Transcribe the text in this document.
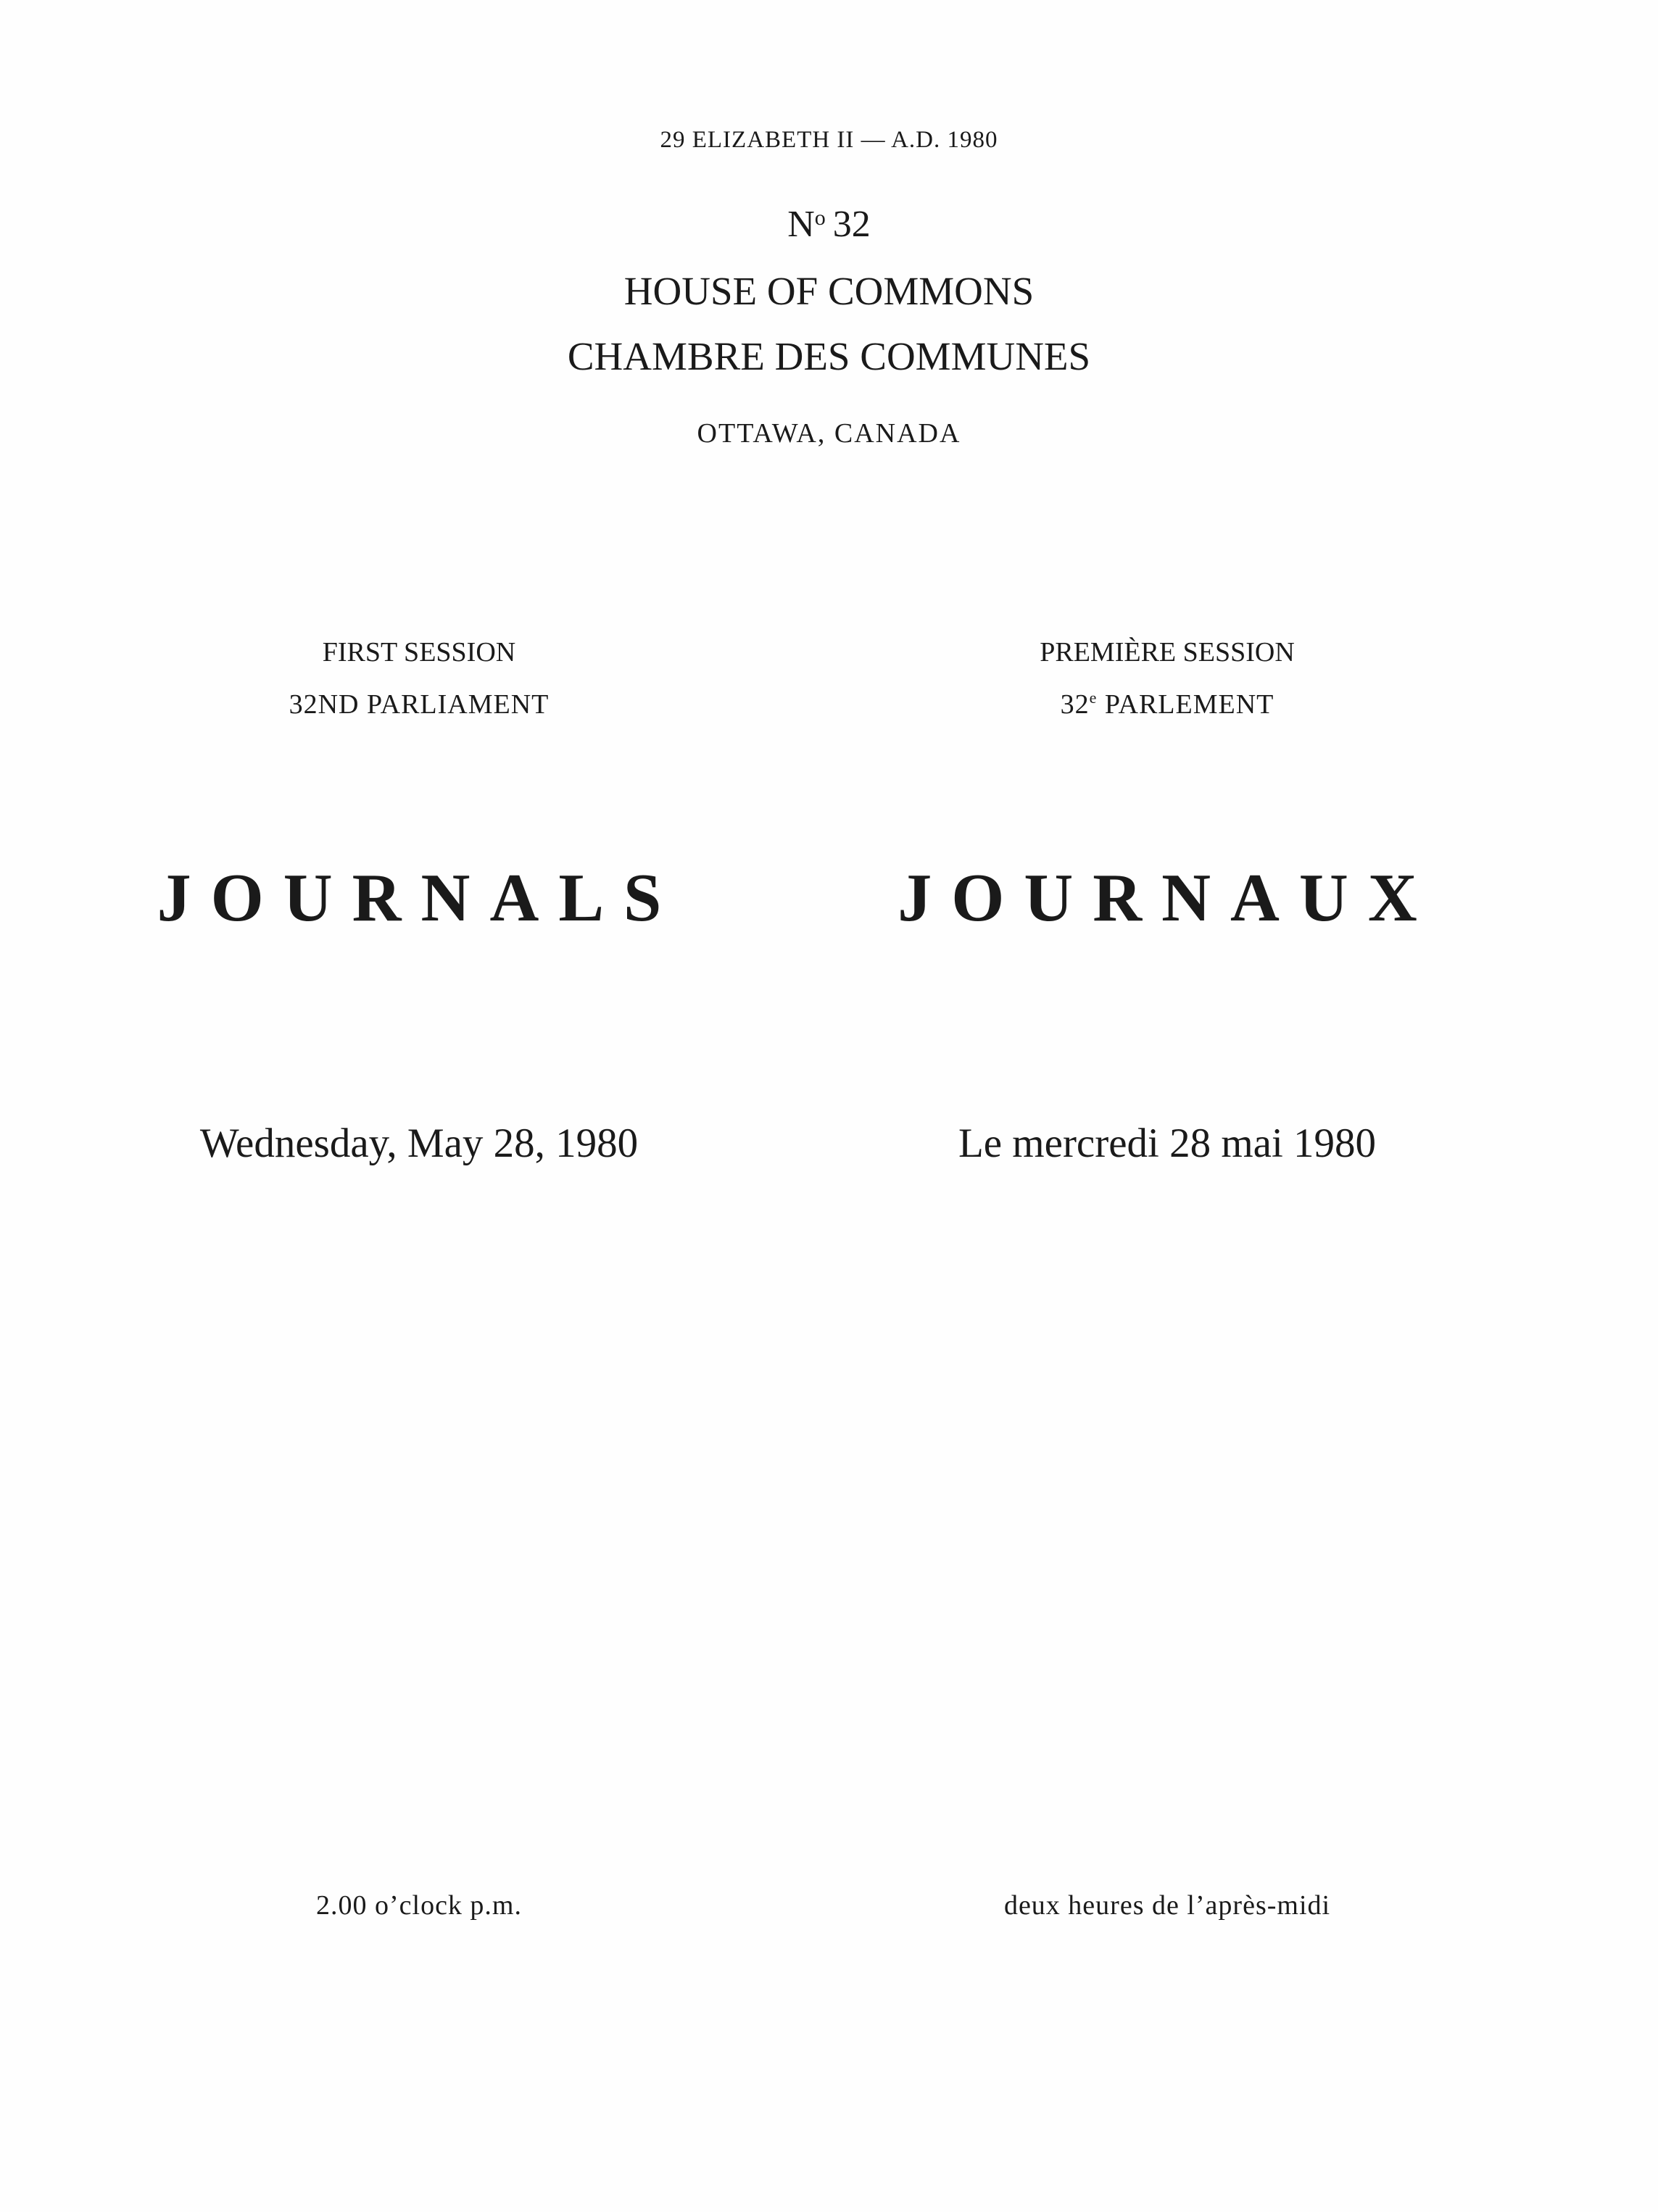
29 ELIZABETH II — A.D. 1980
$N^o$ 32
HOUSE OF COMMONS
CHAMBRE DES COMMUNES
OTTAWA, CANADA
FIRST SESSION
32ND PARLIAMENT
JOURNALS
Wednesday, May 28, 1980
2.00 o’clock p.m.
PREMIÈRE SESSION
32e PARLEMENT
JOURNAUX
Le mercredi 28 mai 1980
deux heures de l’après-midi
